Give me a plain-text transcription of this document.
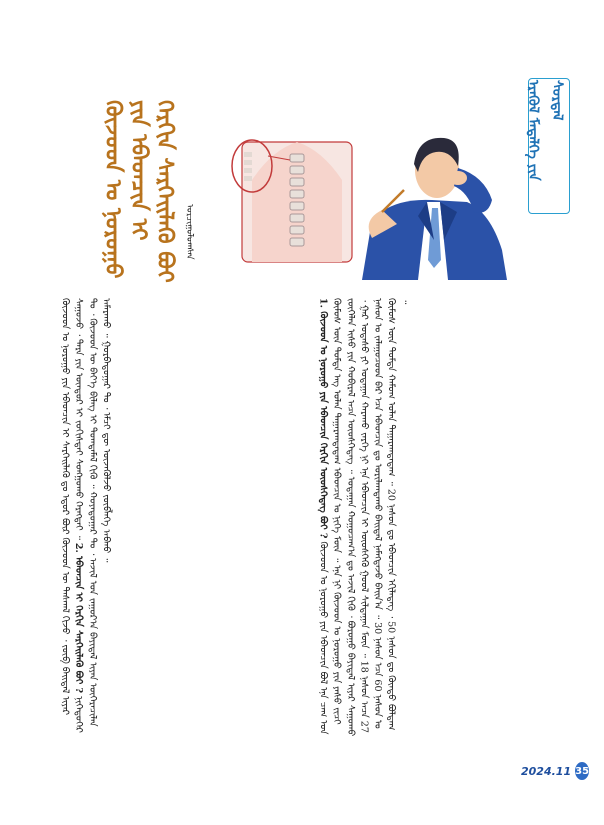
ᠡᠷᠡᠭᠦᠯ ᠮᠡᠳᠡᠯᠭᠡ ᠶᠢᠨ ᠰᠤᠷᠲᠠᠯ
ᠬᠦᠵᠦᠦᠨ ᠤ ᠨᠤᠷᠤᠭᠤ ᠶᠢᠨ ᠡᠪᠡᠳᠴᠢᠨ ᠢ ᠬᠡᠷᠬᠢᠨ ᠰᠡᠷᠭᠡᠢᠯᠡᠬᠦ ᠪᠤᠢ ᠤᠷᠴᠢᠭᠤᠯᠤᠭᠰᠠᠨ
1. ᠬᠦᠵᠦᠦᠨ ᠤ ᠨᠤᠷᠤᠭᠤ ᠶᠢᠨ ᠡᠪᠡᠳᠴᠢᠨ ᠬᠡᠷᠬᠢᠨ ᠦᠦᠰᠬᠡᠳᠡᠭ ᠪᠤᠢ ? ᠬᠦᠵᠦᠦᠨ ᠤ ᠨᠤᠷᠤᠭᠤ ᠶᠢᠨ ᠡᠪᠡᠳᠴᠢᠨ ᠪᠤᠯ ᠡᠨᠡ ᠴᠠᠭ ᠤᠨ ᠬᠦᠮᠦᠰ ᠦᠨ ᠳᠤᠮᠳᠠ ᠡᠩ ᠤᠯᠠᠨ ᠳᠠᠭᠠᠷᠠᠭᠳᠠᠳᠠᠭ ᠡᠪᠡᠳᠴᠢᠨ ᠤ ᠨᠢᠭᠡ ᠮᠦᠨ ᠃ ᠡᠨᠡ ᠨᠢ ᠬᠦᠵᠦᠦᠨ ᠤ ᠨᠤᠷᠤᠭᠤ ᠶᠢᠨ ᠶᠠᠰᠤ ᠵᠢᠴᠢ ᠵᠦᠭᠡᠯᠡᠨ ᠢᠰᠦ ᠶᠢᠨ ᠬᠤᠪᠢᠷᠠᠯ ᠠᠴᠠ ᠦᠦᠰᠬᠡᠳᠡᠭ ᠃ ᠤᠳᠠᠭᠠᠨ ᠬᠤᠭᠤᠴᠠᠭ᠎ᠠ ᠳᠤ ᠠᠵᠢᠯ ᠬᠢᠬᠦ ᠂ ᠪᠤᠷᠤᠭᠤ ᠪᠠᠶᠢᠳᠠᠯ ᠢᠶᠠᠷ ᠰᠠᠭᠤᠬᠤ ᠂ ᠭᠠᠷ ᠤᠳᠠᠰᠤ ᠶᠢ ᠤᠳᠠᠭᠠᠨ ᠬᠠᠷᠠᠬᠤ ᠵᠡᠷᠭᠡ ᠨᠢ ᠡᠨᠡ ᠡᠪᠡᠳᠴᠢᠨ ᠢ ᠦᠦᠰᠬᠡᠬᠦ ᠭᠣᠣᠯ ᠰᠢᠯᠳᠠᠭᠠᠨ ᠮᠦᠨ ᠃ 18 ᠨᠠᠰᠤᠨ ᠠᠴᠠ 27 ᠨᠠᠰᠤᠨ ᠤ ᠵᠠᠯᠠᠭᠤᠴᠤᠳ ᠪᠠᠷ ᠡᠴᠡ ᠡᠪᠡᠳᠴᠢᠨ ᠳᠤ ᠤᠷᠢᠯᠠᠭᠳᠠᠬᠤ ᠪᠠᠢᠳᠠᠯ ᠨᠡᠮᠡᠭᠳᠡᠵᠦ ᠪᠠᠢᠨ᠎ᠠ ᠃ 30 ᠨᠠᠰᠤᠨ ᠡᠴᠡ 60 ᠨᠠᠰᠤᠨ ᠤ ᠬᠦᠮᠦᠰ ᠦᠨ ᠳᠤᠮᠳᠠ ᠬᠠᠮᠤᠭ ᠤᠯᠠᠨ ᠳᠠᠭᠠᠷᠠᠭᠳᠠᠳᠠᠭ ᠃ 20 ᠨᠠᠰᠤᠨ ᠳᠤ ᠡᠪᠡᠳᠴᠢᠨ ᠡᠬᠢᠯᠡᠳᠡᠭ ᠂ 50 ᠨᠠᠰᠤᠨ ᠳᠤ ᠬᠦᠨᠳᠦ ᠪᠤᠯᠳᠠᠭ ᠃
ᠬᠦᠵᠦᠦᠨ ᠤ ᠨᠤᠷᠤᠭᠤ ᠶᠢᠨ ᠡᠪᠡᠳᠴᠢᠨ ᠢ ᠰᠡᠷᠭᠡᠢᠯᠡᠬᠦ ᠳᠤ ᠡᠳᠦᠷ ᠪᠦᠷ ᠬᠦᠵᠦᠦᠨ ᠦ ᠳᠠᠰᠬᠠᠯ ᠬᠢᠵᠦ ᠂ ᠵᠦᠪ ᠪᠠᠢᠳᠠᠯ ᠢᠶᠠᠷ ᠰᠠᠭᠤᠵᠤ ᠂ ᠳᠡᠷᠡ ᠶᠢᠨ ᠥᠨᠳᠦᠷ ᠢ ᠵᠣᠬᠢᠰᠲᠠᠢ ᠰᠣᠩᠭᠣᠬᠤ ᠬᠡᠷᠡᠭᠲᠡᠢ ᠃ 2. ᠡᠪᠡᠳᠴᠢᠨ ᠢ ᠬᠡᠷᠬᠢᠨ ᠰᠡᠷᠭᠡᠢᠯᠡᠬᠦ ᠪᠤᠢ ? ᠨᠢᠭᠡᠳᠦᠭᠡᠷ ᠲᠤ ᠂ ᠬᠦᠵᠦᠦᠨ ᠦ ᠪᠡᠶ᠎ᠡ ᠪᠢᠯᠡᠭ ᠢ ᠲᠣᠭᠲᠠᠮᠠᠯ ᠬᠢᠬᠦ ᠃ ᠬᠣᠶᠠᠳᠤᠭᠠᠷ ᠲᠤ ᠂ ᠠᠵᠢᠯ ᠤᠨ ᠵᠠᠭᠤᠷ᠎ᠠ ᠪᠠᠶᠢᠳᠠᠯ ᠢᠶᠠᠨ ᠥᠭᠡᠷᠡᠴᠢᠯᠡᠨ ᠠᠮᠠᠷᠠᠬᠤ ᠃ ᠭᠤᠷᠪᠠᠳᠤᠭᠠᠷ ᠲᠤ ᠂ ᠡᠮᠴᠢ ᠳᠦ ᠦᠵᠡᠭᠦᠯᠵᠦ ᠵᠥᠪᠯᠡᠭᠡ ᠠᠪᠬᠤ ᠃
2024.11 35
